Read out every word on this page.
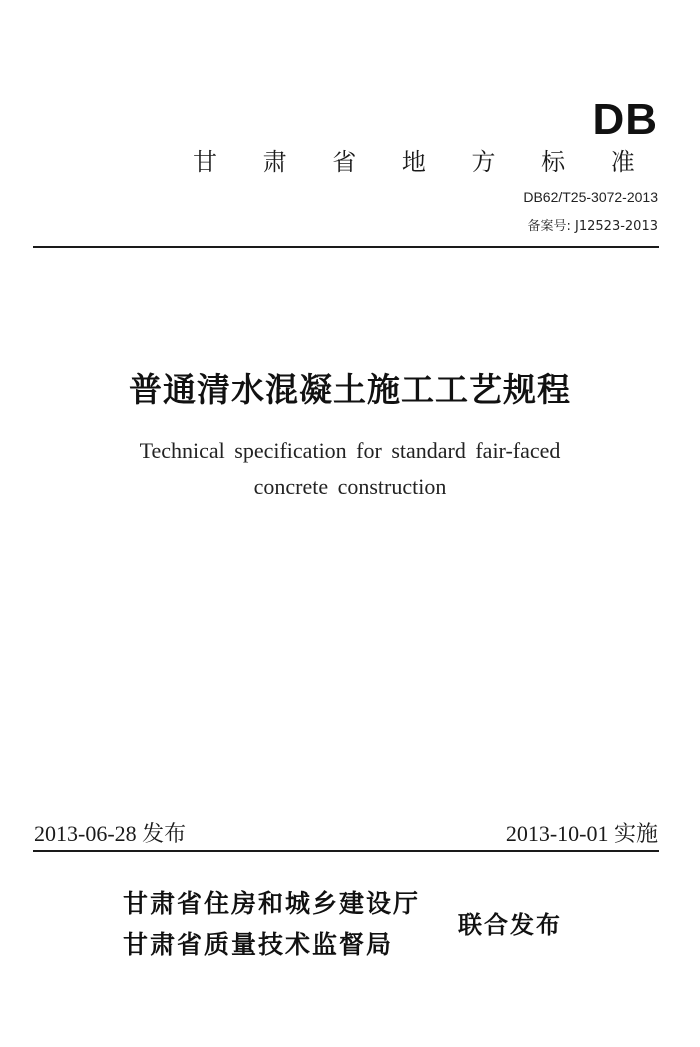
甘 肃 省 地 方 标 准
DB
DB62/T25-3072-2013
备案号: J12523-2013
普通清水混凝土施工工艺规程
Technical specification for standard fair-faced
concrete construction
2013-06-28 发布	2013-10-01 实施
甘肃省住房和城乡建设厅
甘肃省质量技术监督局
联合发布
